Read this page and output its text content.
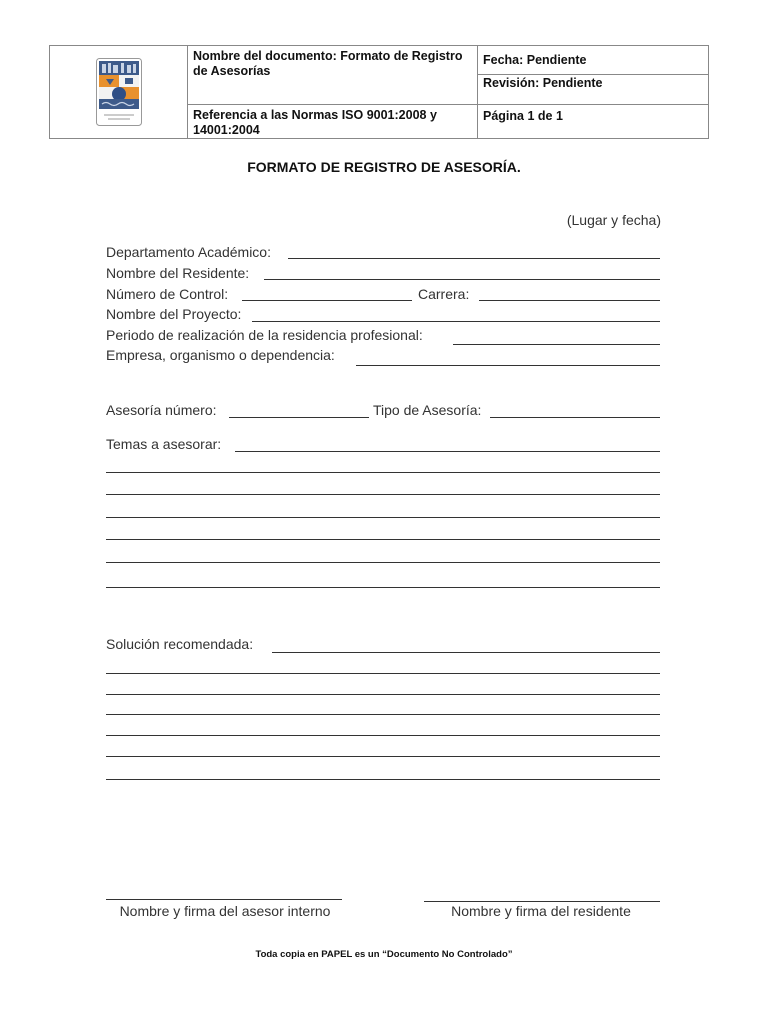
Nombre del documento: Formato de Registro de Asesorías
Fecha: Pendiente
Revisión: Pendiente
Referencia a las Normas ISO 9001:2008 y 14001:2004
Página 1 de 1
FORMATO DE REGISTRO DE ASESORÍA.
(Lugar y fecha)
Departamento Académico:
Nombre del Residente:
Número de Control:	Carrera:
Nombre del Proyecto:
Periodo de realización de la residencia profesional:
Empresa, organismo o dependencia:
Asesoría número:	Tipo de Asesoría:
Temas a asesorar:
Solución recomendada:
Nombre y firma del asesor interno	Nombre y firma del residente
Toda copia en PAPEL es un “Documento No Controlado”
